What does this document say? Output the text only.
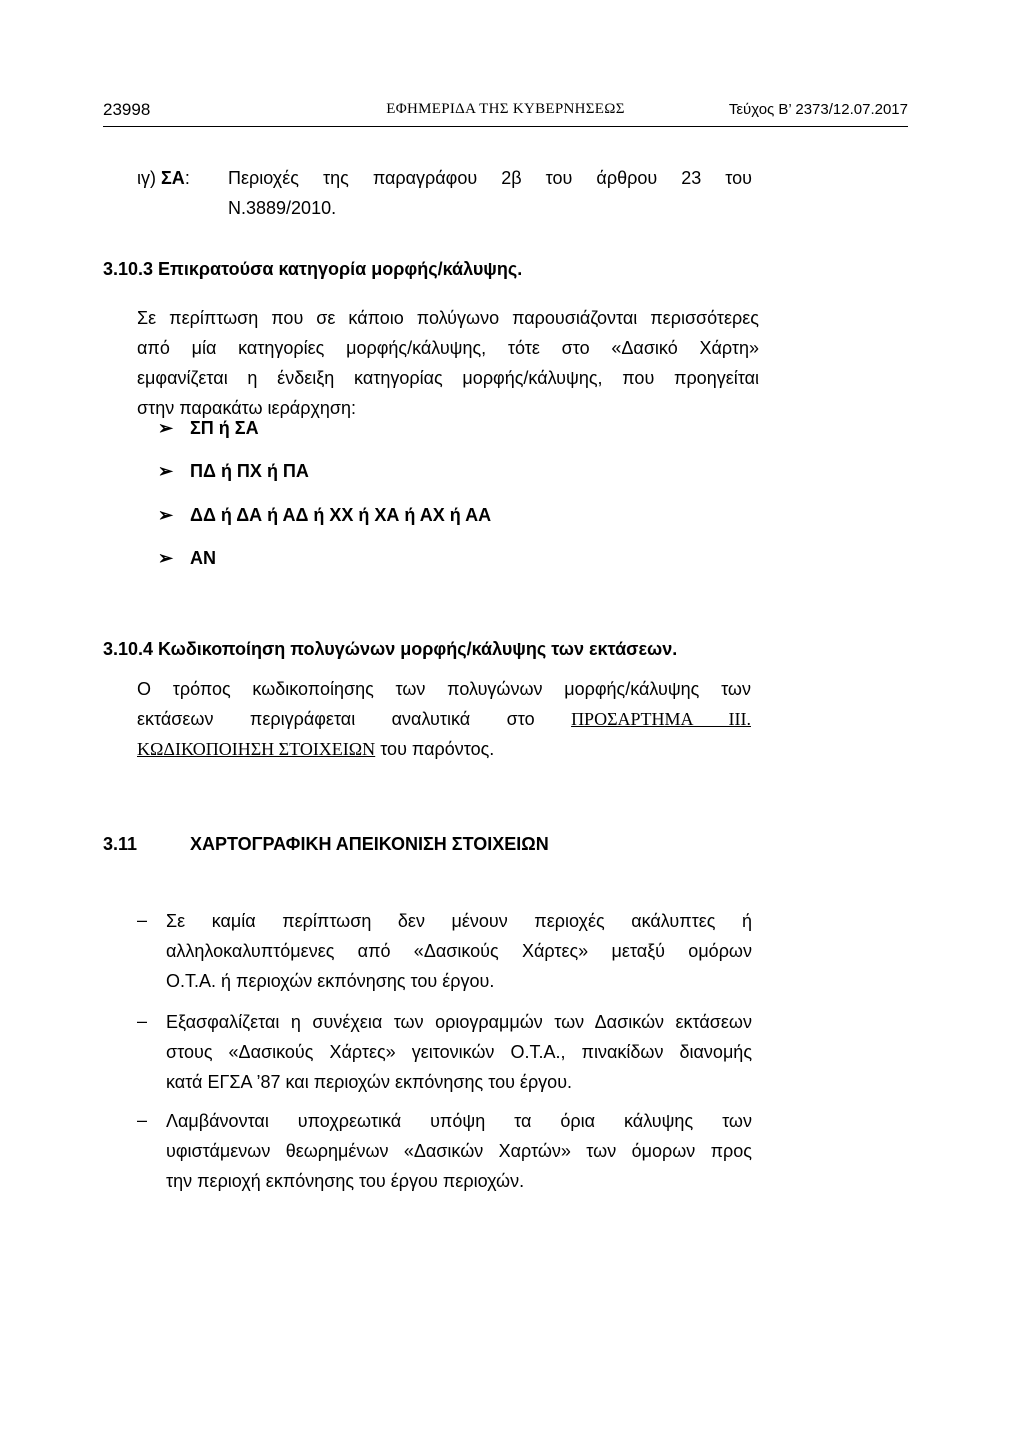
23998	ΕΦΗΜΕΡΙΔΑ ΤΗΣ ΚΥΒΕΡΝΗΣΕΩΣ	Τεύχος Β’ 2373/12.07.2017
ιγ) ΣΑ: Περιοχές της παραγράφου 2β του άρθρου 23 του
Ν.3889/2010.
3.10.3 Επικρατούσα κατηγορία μορφής/κάλυψης.
Σε περίπτωση που σε κάποιο πολύγωνο παρουσιάζονται περισσότερες
από μία κατηγορίες μορφής/κάλυψης, τότε στο «Δασικό Χάρτη»
εμφανίζεται η ένδειξη κατηγορίας μορφής/κάλυψης, που προηγείται
στην παρακάτω ιεράρχηση:
➢ ΣΠ ή ΣΑ
➢ ΠΔ ή ΠΧ ή ΠΑ
➢ ΔΔ ή ΔΑ ή ΑΔ ή ΧΧ ή ΧΑ ή ΑΧ ή ΑΑ
➢ ΑΝ
3.10.4 Κωδικοποίηση πολυγώνων μορφής/κάλυψης των εκτάσεων.
Ο τρόπος κωδικοποίησης των πολυγώνων μορφής/κάλυψης των
εκτάσεων περιγράφεται αναλυτικά στο ΠΡΟΣΑΡΤΗΜΑ ΙΙΙ.
ΚΩΔΙΚΟΠΟΙΗΣΗ ΣΤΟΙΧΕΙΩΝ του παρόντος.
3.11	ΧΑΡΤΟΓΡΑΦΙΚΗ ΑΠΕΙΚΟΝΙΣΗ ΣΤΟΙΧΕΙΩΝ
– Σε καμία περίπτωση δεν μένουν περιοχές ακάλυπτες ή
αλληλοκαλυπτόμενες από «Δασικούς Χάρτες» μεταξύ ομόρων
Ο.Τ.Α. ή περιοχών εκπόνησης του έργου.
– Εξασφαλίζεται η συνέχεια των οριογραμμών των Δασικών εκτάσεων
στους «Δασικούς Χάρτες» γειτονικών Ο.Τ.Α., πινακίδων διανομής
κατά ΕΓΣΑ ’87 και περιοχών εκπόνησης του έργου.
– Λαμβάνονται υποχρεωτικά υπόψη τα όρια κάλυψης των
υφιστάμενων θεωρημένων «Δασικών Χαρτών» των όμορων προς
την περιοχή εκπόνησης του έργου περιοχών.
